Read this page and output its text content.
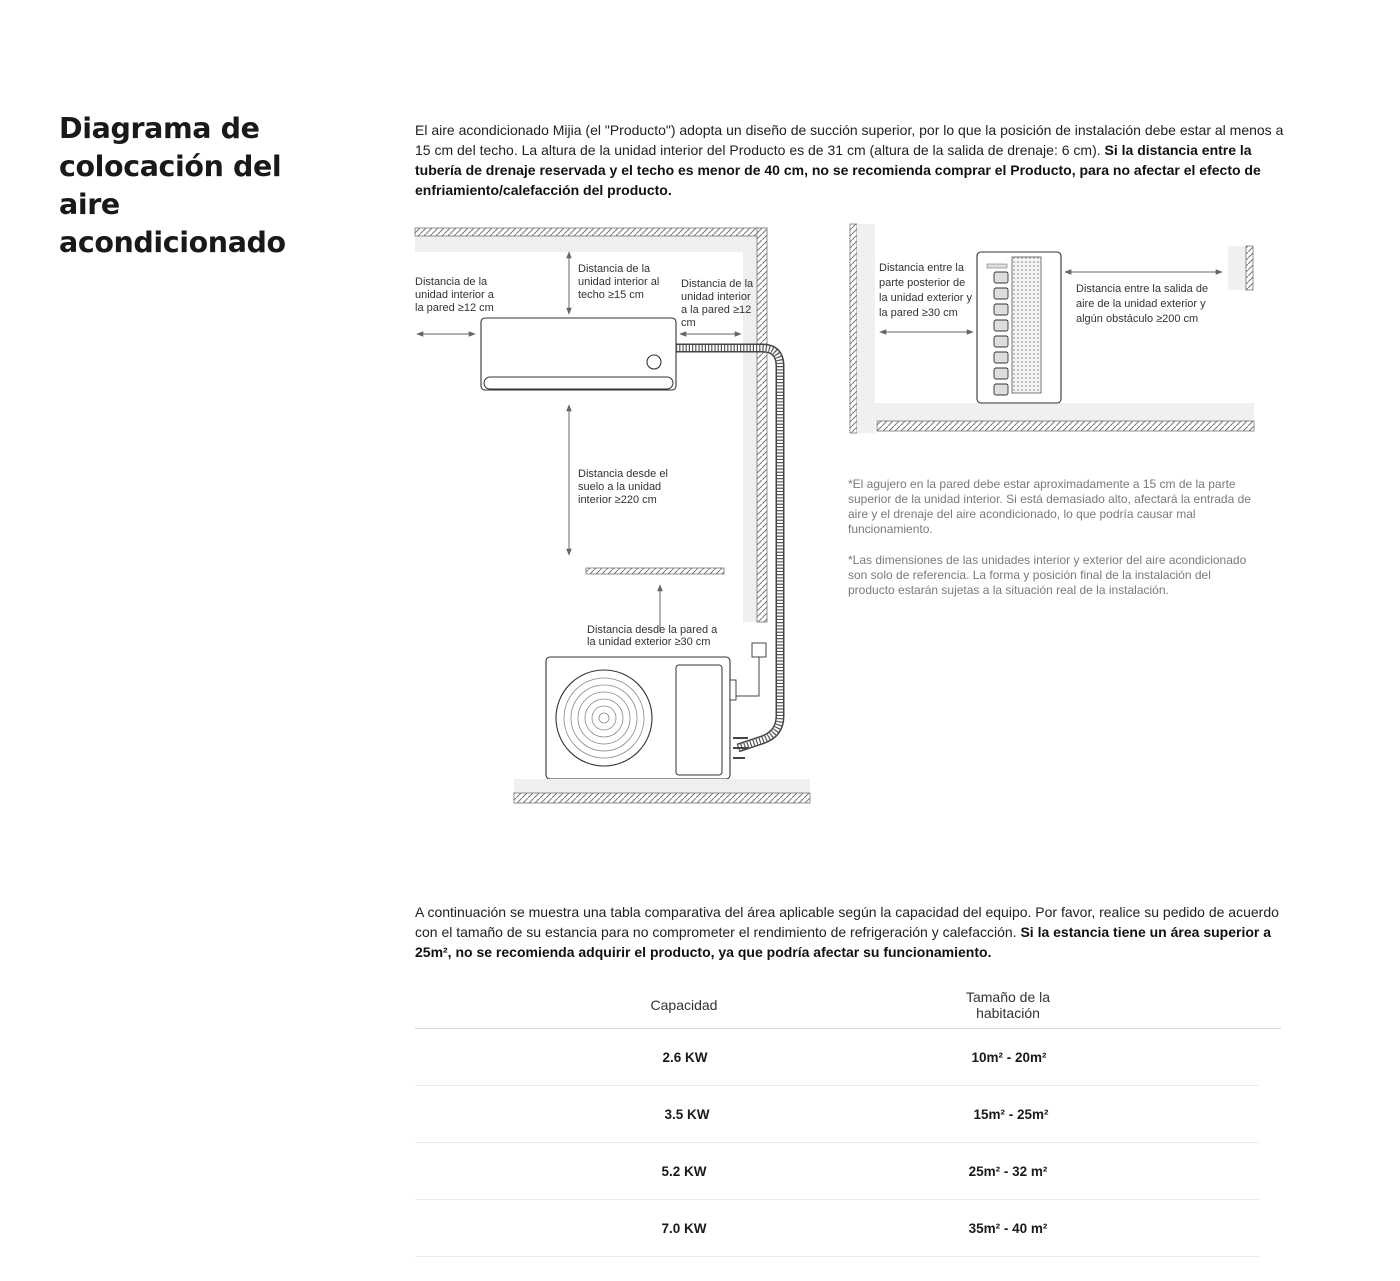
Diagrama de colocación del aire acondicionado

El aire acondicionado Mijia (el "Producto") adopta un diseño de succión superior, por lo que la posición de instalación debe estar al menos a 15 cm del techo. La altura de la unidad interior del Producto es de 31 cm (altura de la salida de drenaje: 6 cm). Si la distancia entre la tubería de drenaje reservada y el techo es menor de 40 cm, no se recomienda comprar el Producto, para no afectar el efecto de enfriamiento/calefacción del producto.

Distancia de la unidad interior a la pared ≥12 cm
Distancia de la unidad interior al techo ≥15 cm
Distancia de la unidad interior a la pared ≥12 cm
Distancia desde el suelo a la unidad interior ≥220 cm
Distancia desde la pared a la unidad exterior ≥30 cm
Distancia entre la parte posterior de la unidad exterior y la pared ≥30 cm
Distancia entre la salida de aire de la unidad exterior y algún obstáculo ≥200 cm

*El agujero en la pared debe estar aproximadamente a 15 cm de la parte superior de la unidad interior. Si está demasiado alto, afectará la entrada de aire y el drenaje del aire acondicionado, lo que podría causar mal funcionamiento.

*Las dimensiones de las unidades interior y exterior del aire acondicionado son solo de referencia. La forma y posición final de la instalación del producto estarán sujetas a la situación real de la instalación.

A continuación se muestra una tabla comparativa del área aplicable según la capacidad del equipo. Por favor, realice su pedido de acuerdo con el tamaño de su estancia para no comprometer el rendimiento de refrigeración y calefacción. Si la estancia tiene un área superior a 25m², no se recomienda adquirir el producto, ya que podría afectar su funcionamiento.

Capacidad	Tamaño de la habitación
2.6 KW	10m² - 20m²
3.5 KW	15m² - 25m²
5.2 KW	25m² - 32 m²
7.0 KW	35m² - 40 m²
